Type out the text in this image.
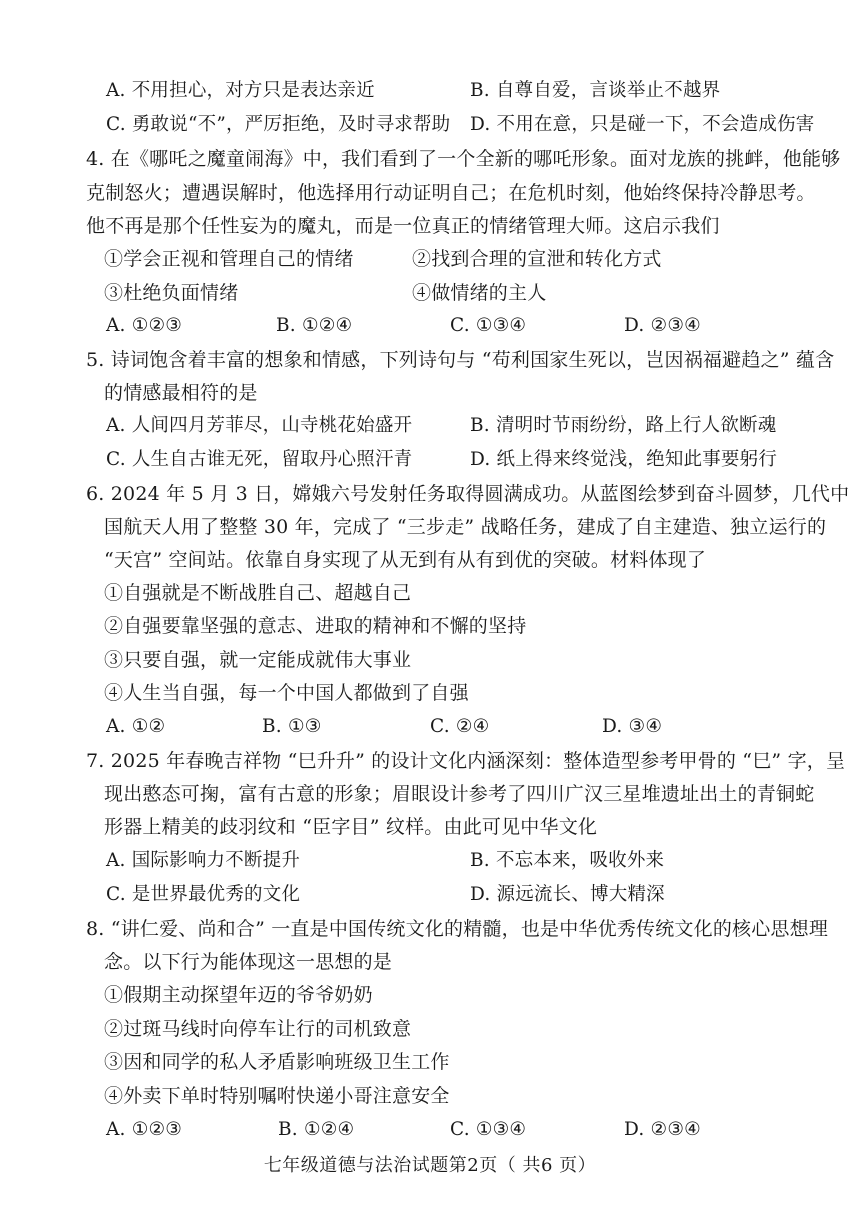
A. 不用担心，对方只是表达亲近	B. 自尊自爱，言谈举止不越界
C. 勇敢说“不”，严厉拒绝，及时寻求帮助 D. 不用在意，只是碰一下，不会造成伤害
4. 在《哪吒之魔童闹海》中，我们看到了一个全新的哪吒形象。面对龙族的挑衅，他能够
克制怒火；遭遇误解时，他选择用行动证明自己；在危机时刻，他始终保持冷静思考。
他不再是那个任性妄为的魔丸，而是一位真正的情绪管理大师。这启示我们
①学会正视和管理自己的情绪	②找到合理的宣泄和转化方式
③杜绝负面情绪	④做情绪的主人
A. ①②③	B. ①②④	C. ①③④	D. ②③④
5. 诗词饱含着丰富的想象和情感，下列诗句与 “苟利国家生死以，岂因祸福避趋之” 蕴含
的情感最相符的是
A. 人间四月芳菲尽，山寺桃花始盛开	B. 清明时节雨纷纷，路上行人欲断魂
C. 人生自古谁无死，留取丹心照汗青	D. 纸上得来终觉浅，绝知此事要躬行
6. 2024 年 5 月 3 日，嫦娥六号发射任务取得圆满成功。从蓝图绘梦到奋斗圆梦，几代中
国航天人用了整整 30 年，完成了 “三步走” 战略任务，建成了自主建造、独立运行的
“天宫” 空间站。依靠自身实现了从无到有从有到优的突破。材料体现了
①自强就是不断战胜自己、超越自己
②自强要靠坚强的意志、进取的精神和不懈的坚持
③只要自强，就一定能成就伟大事业
④人生当自强，每一个中国人都做到了自强
A. ①②	B. ①③	C. ②④	D. ③④
7. 2025 年春晚吉祥物 “巳升升” 的设计文化内涵深刻：整体造型参考甲骨的 “巳” 字，呈
现出憨态可掬，富有古意的形象；眉眼设计参考了四川广汉三星堆遗址出土的青铜蛇
形器上精美的歧羽纹和 “臣字目” 纹样。由此可见中华文化
A. 国际影响力不断提升	B. 不忘本来，吸收外来
C. 是世界最优秀的文化	D. 源远流长、博大精深
8. “讲仁爱、尚和合” 一直是中国传统文化的精髓，也是中华优秀传统文化的核心思想理
念。以下行为能体现这一思想的是
①假期主动探望年迈的爷爷奶奶
②过斑马线时向停车让行的司机致意
③因和同学的私人矛盾影响班级卫生工作
④外卖下单时特别嘱咐快递小哥注意安全
A. ①②③	B. ①②④	C. ①③④	D. ②③④
七年级道德与法治试题第2页（ 共6 页）
